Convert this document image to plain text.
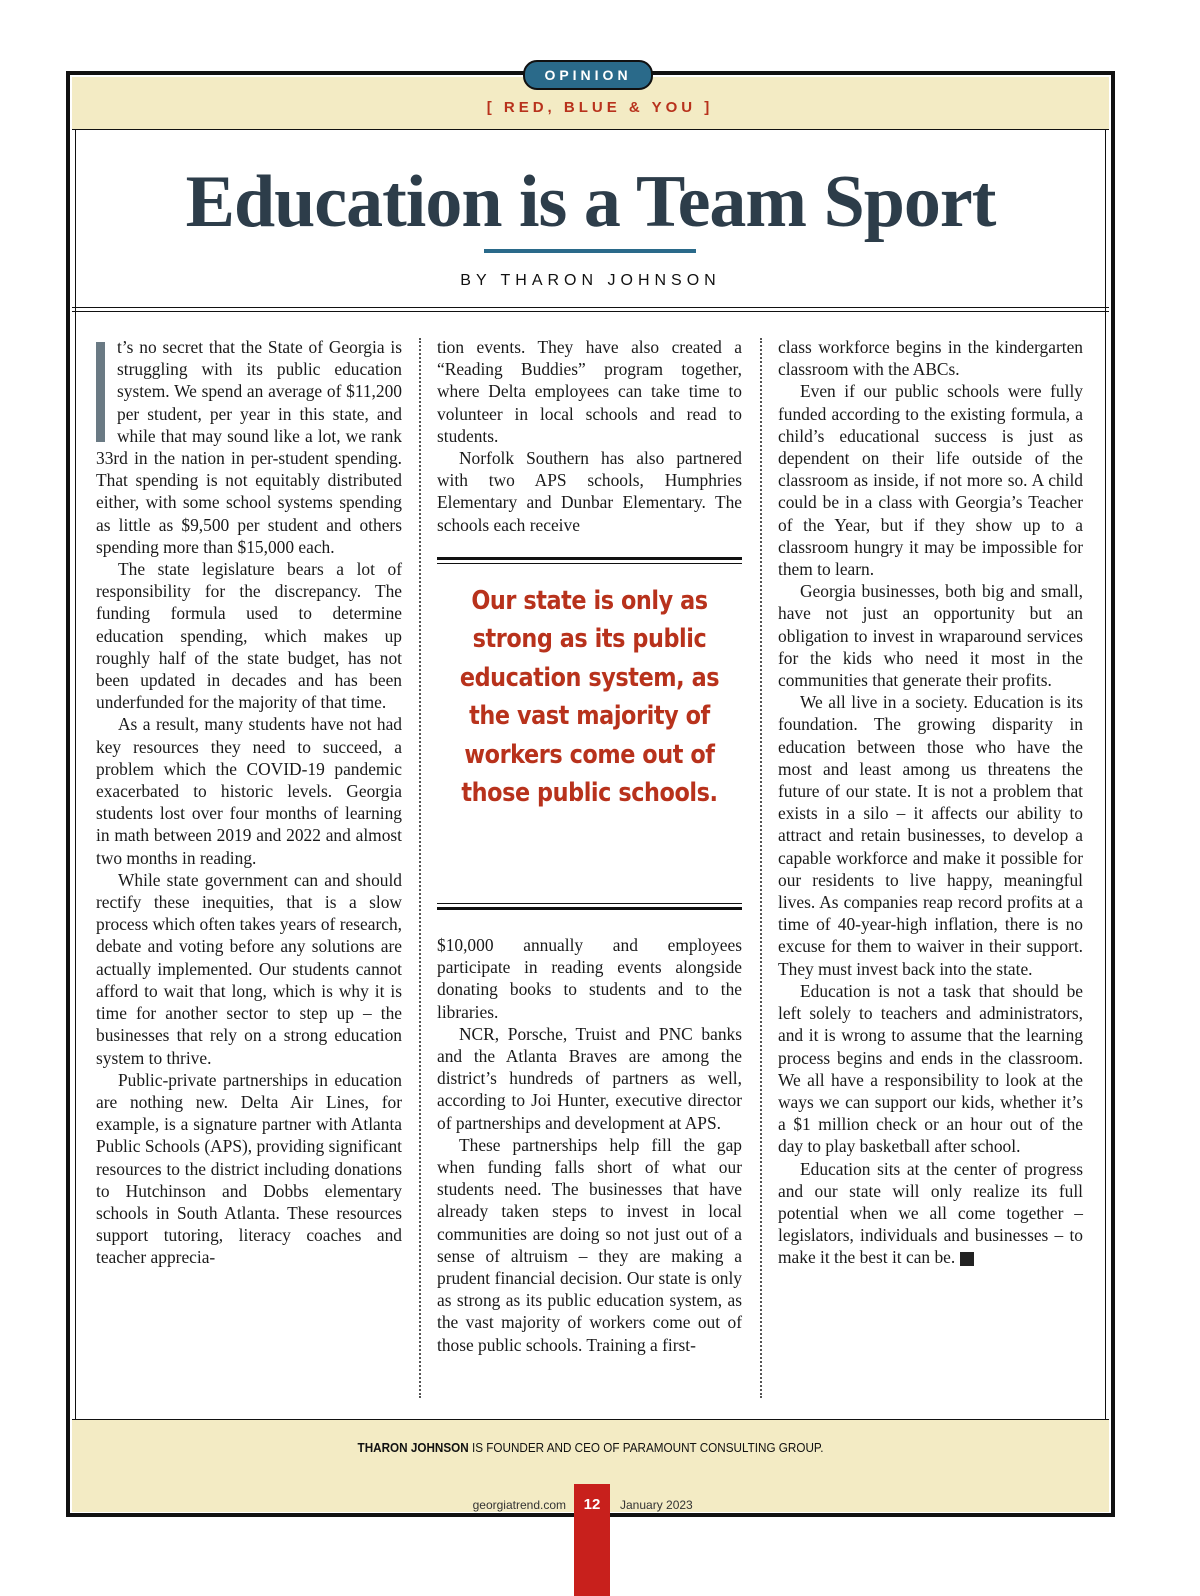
OPINION
[ RED, BLUE & YOU ]
Education is a Team Sport
BY THARON JOHNSON

t’s no secret that the State of Georgia is struggling with its public education system. We spend an average of $11,200 per student, per year in this state, and while that may sound like a lot, we rank 33rd in the nation in per-student spending. That spending is not equitably distributed either, with some school systems spending as little as $9,500 per student and others spending more than $15,000 each.

The state legislature bears a lot of responsibility for the discrepancy. The funding formula used to determine education spending, which makes up roughly half of the state budget, has not been updated in decades and has been underfunded for the majority of that time.

As a result, many students have not had key resources they need to succeed, a problem which the COVID-19 pandemic exacerbated to historic levels. Georgia students lost over four months of learning in math between 2019 and 2022 and almost two months in reading.

While state government can and should rectify these inequities, that is a slow process which often takes years of research, debate and voting before any solutions are actually implemented. Our students cannot afford to wait that long, which is why it is time for another sector to step up – the businesses that rely on a strong education system to thrive.

Public-private partnerships in education are nothing new. Delta Air Lines, for example, is a signature partner with Atlanta Public Schools (APS), providing significant resources to the district including donations to Hutchinson and Dobbs elementary schools in South Atlanta. These resources support tutoring, literacy coaches and teacher apprecia-

tion events. They have also created a “Reading Buddies” program together, where Delta employees can take time to volunteer in local schools and read to students.

Norfolk Southern has also partnered with two APS schools, Humphries Elementary and Dunbar Elementary. The schools each receive

Our state is only as strong as its public education system, as the vast majority of workers come out of those public schools.

$10,000 annually and employees participate in reading events alongside donating books to students and to the libraries.

NCR, Porsche, Truist and PNC banks and the Atlanta Braves are among the district’s hundreds of partners as well, according to Joi Hunter, executive director of partnerships and development at APS.

These partnerships help fill the gap when funding falls short of what our students need. The businesses that have already taken steps to invest in local communities are doing so not just out of a sense of altruism – they are making a prudent financial decision. Our state is only as strong as its public education system, as the vast majority of workers come out of those public schools. Training a first-

class workforce begins in the kindergarten classroom with the ABCs.

Even if our public schools were fully funded according to the existing formula, a child’s educational success is just as dependent on their life outside of the classroom as inside, if not more so. A child could be in a class with Georgia’s Teacher of the Year, but if they show up to a classroom hungry it may be impossible for them to learn.

Georgia businesses, both big and small, have not just an opportunity but an obligation to invest in wraparound services for the kids who need it most in the communities that generate their profits.

We all live in a society. Education is its foundation. The growing disparity in education between those who have the most and least among us threatens the future of our state. It is not a problem that exists in a silo – it affects our ability to attract and retain businesses, to develop a capable workforce and make it possible for our residents to live happy, meaningful lives. As companies reap record profits at a time of 40-year-high inflation, there is no excuse for them to waiver in their support. They must invest back into the state.

Education is not a task that should be left solely to teachers and administrators, and it is wrong to assume that the learning process begins and ends in the classroom. We all have a responsibility to look at the ways we can support our kids, whether it’s a $1 million check or an hour out of the day to play basketball after school.

Education sits at the center of progress and our state will only realize its full potential when we all come together – legislators, individuals and businesses – to make it the best it can be.	GT

THARON JOHNSON IS FOUNDER AND CEO OF PARAMOUNT CONSULTING GROUP.
georgiatrend.com	12	January 2023
